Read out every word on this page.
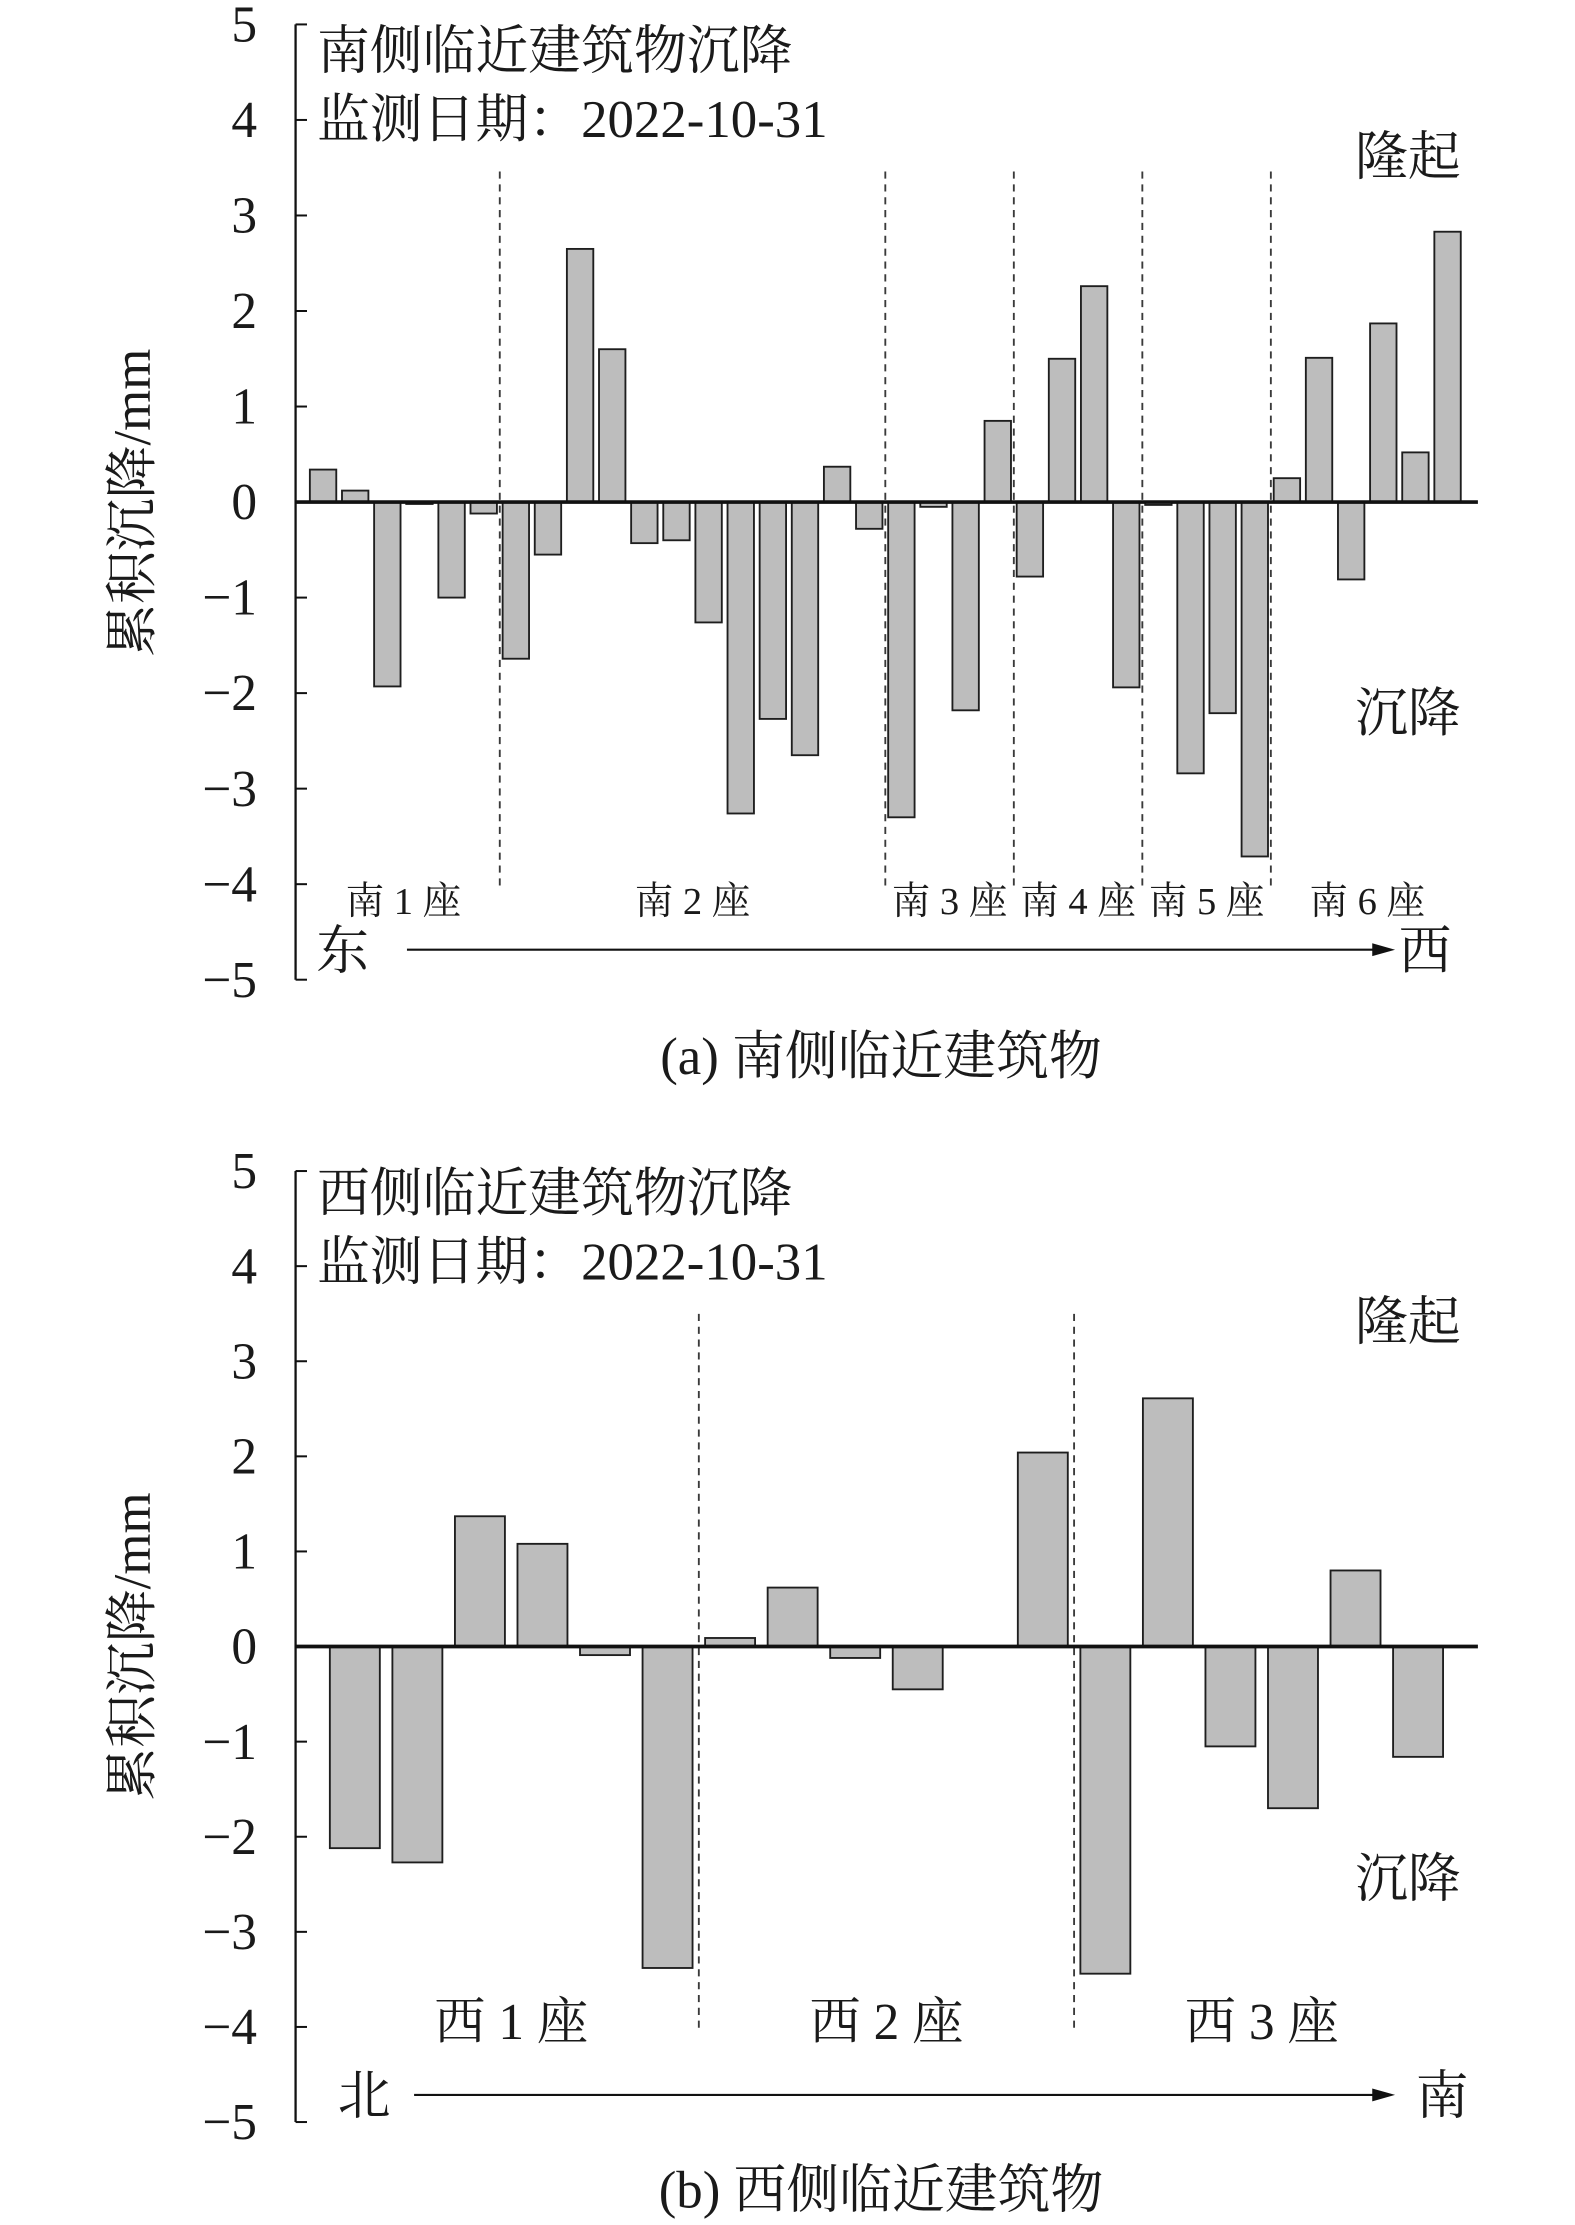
5
4
3
2
1
0
−1
−2
−3
−4
−5
南 1 座	南 2 座	南 3 座 南 4 座 南 5 座 南 6 座
南侧临近建筑物沉降
监测日期：2022-10-31
隆起
沉降
累积沉降/mm
东	西
(a) 南侧临近建筑物
5
4
3
2
1
0
−1
−2
−3
−4
−5
西 1 座	西 2 座	西 3 座
西侧临近建筑物沉降
监测日期：2022-10-31
隆起
沉降
累积沉降/mm
北	南
(b) 西侧临近建筑物
